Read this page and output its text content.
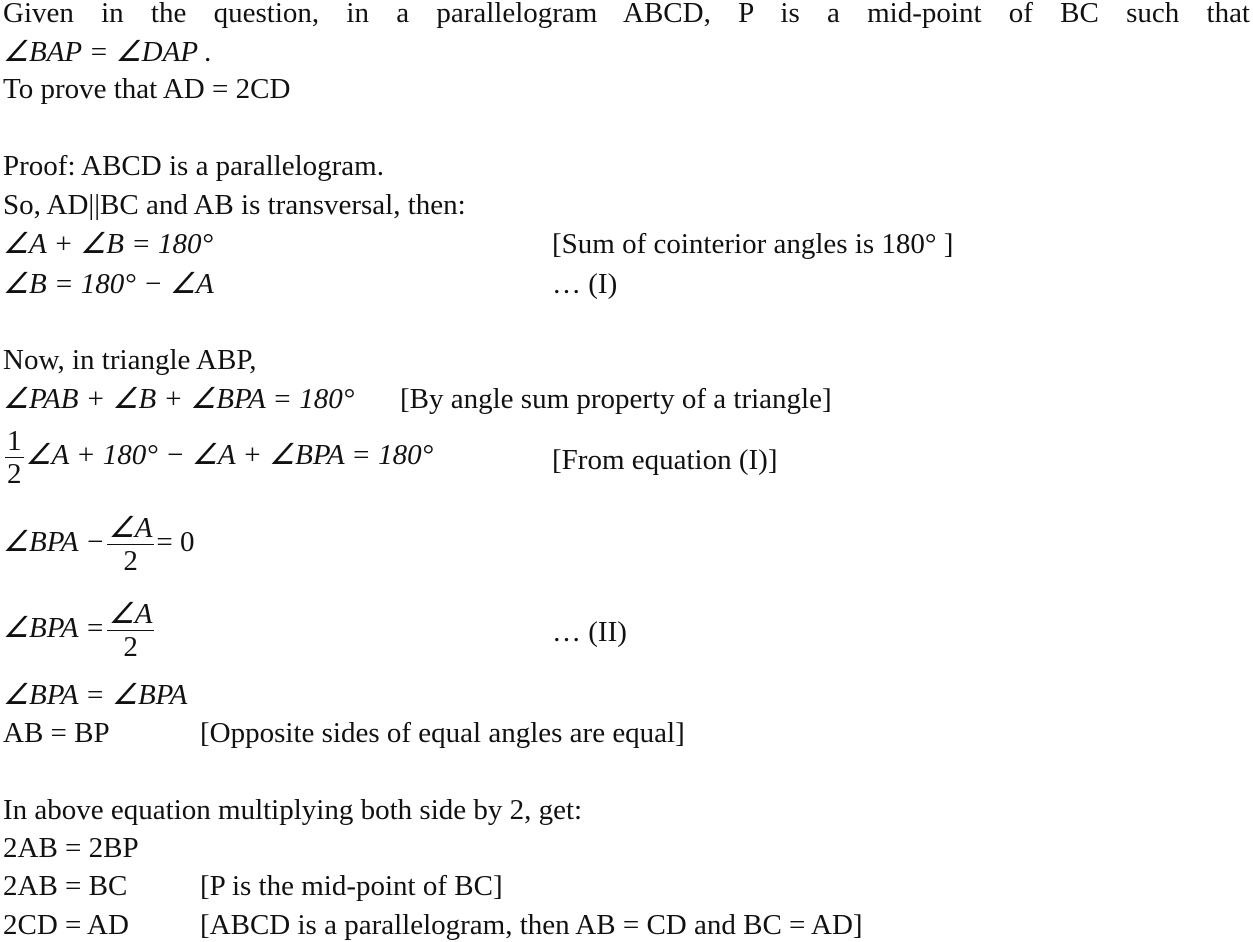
Given in the question, in a parallelogram ABCD, P is a mid-point of BC such that
∠BAP = ∠DAP .
To prove that AD = 2CD
Proof: ABCD is a parallelogram.
So, AD||BC and AB is transversal, then:
∠A + ∠B = 180°	[Sum of cointerior angles is 180° ]
∠B = 180° − ∠A	… (I)
Now, in triangle ABP,
∠PAB + ∠B + ∠BPA = 180° [By angle sum property of a triangle]
$\frac{1}{2}$ ∠A + 180° − ∠A + ∠BPA = 180°	[From equation (I)]
∠BPA − $\frac{\angle A}{2} = 0$
∠BPA = $\frac{\angle A}{2}$	… (II)
∠BPA = ∠BPA
AB = BP	[Opposite sides of equal angles are equal]
In above equation multiplying both side by 2, get:
2AB = 2BP
2AB = BC	[P is the mid-point of BC]
2CD = AD [ABCD is a parallelogram, then AB = CD and BC = AD]
